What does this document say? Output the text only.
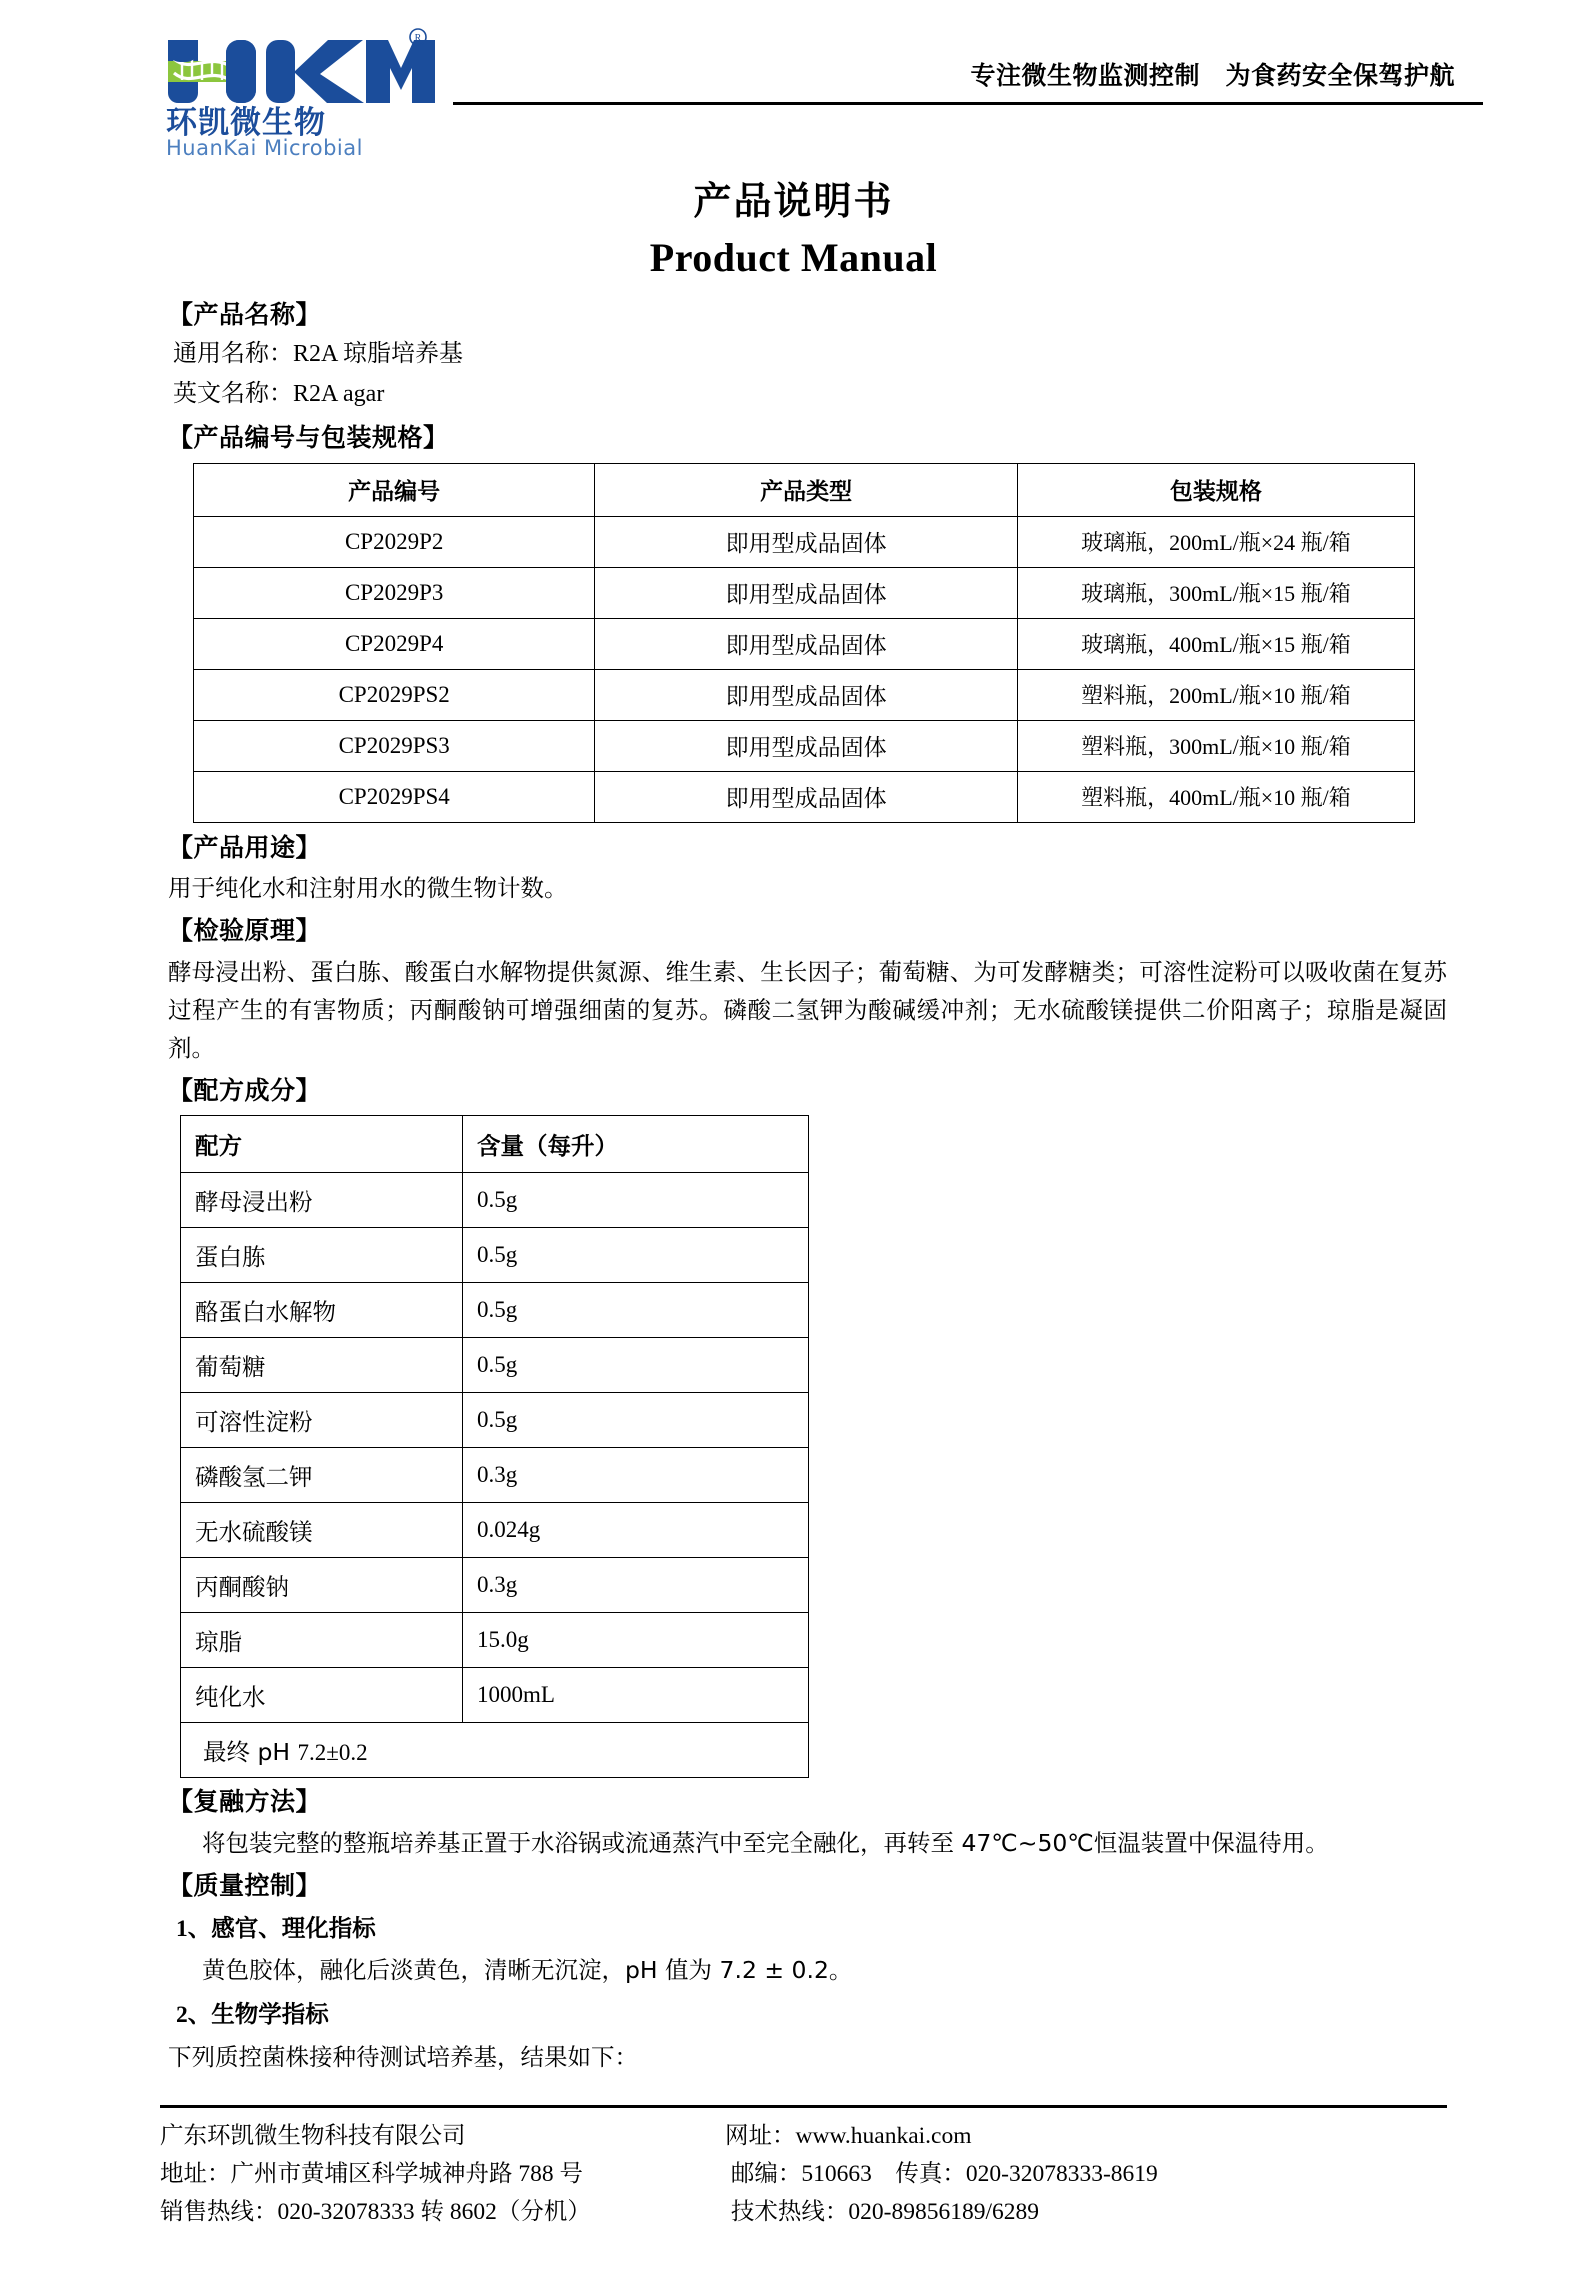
R
环凯微生物
HuanKai Microbial
专注微生物监测控制　为食药安全保驾护航
产品说明书
Product Manual
【产品名称】
通用名称：R2A 琼脂培养基
英文名称：R2A agar
【产品编号与包装规格】
产品编号	产品类型	包装规格
CP2029P2	即用型成品固体	玻璃瓶，200mL/瓶×24 瓶/箱
CP2029P3	即用型成品固体	玻璃瓶，300mL/瓶×15 瓶/箱
CP2029P4	即用型成品固体	玻璃瓶，400mL/瓶×15 瓶/箱
CP2029PS2	即用型成品固体	塑料瓶，200mL/瓶×10 瓶/箱
CP2029PS3	即用型成品固体	塑料瓶，300mL/瓶×10 瓶/箱
CP2029PS4	即用型成品固体	塑料瓶，400mL/瓶×10 瓶/箱
【产品用途】
用于纯化水和注射用水的微生物计数。
【检验原理】
酵母浸出粉、蛋白胨、酸蛋白水解物提供氮源、维生素、生长因子；葡萄糖、为可发酵糖类；可溶性淀粉可以吸收菌在复苏过程产生的有害物质；丙酮酸钠可增强细菌的复苏。磷酸二氢钾为酸碱缓冲剂；无水硫酸镁提供二价阳离子；琼脂是凝固剂。
【配方成分】
配方	含量（每升）
酵母浸出粉	0.5g
蛋白胨	0.5g
酪蛋白水解物	0.5g
葡萄糖	0.5g
可溶性淀粉	0.5g
磷酸氢二钾	0.3g
无水硫酸镁	0.024g
丙酮酸钠	0.3g
琼脂	15.0g
纯化水	1000mL
最终 pH 7.2±0.2	
【复融方法】
将包装完整的整瓶培养基正置于水浴锅或流通蒸汽中至完全融化，再转至 47℃~50℃恒温装置中保温待用。
【质量控制】
1、感官、理化指标
黄色胶体，融化后淡黄色，清晰无沉淀，pH 值为 7.2 ± 0.2。
2、生物学指标
下列质控菌株接种待测试培养基，结果如下：
广东环凯微生物科技有限公司
地址：广州市黄埔区科学城神舟路 788 号
销售热线：020-32078333 转 8602（分机）
网址：www.huankai.com
邮编：510663    传真：020-32078333-8619
技术热线：020-89856189/6289
